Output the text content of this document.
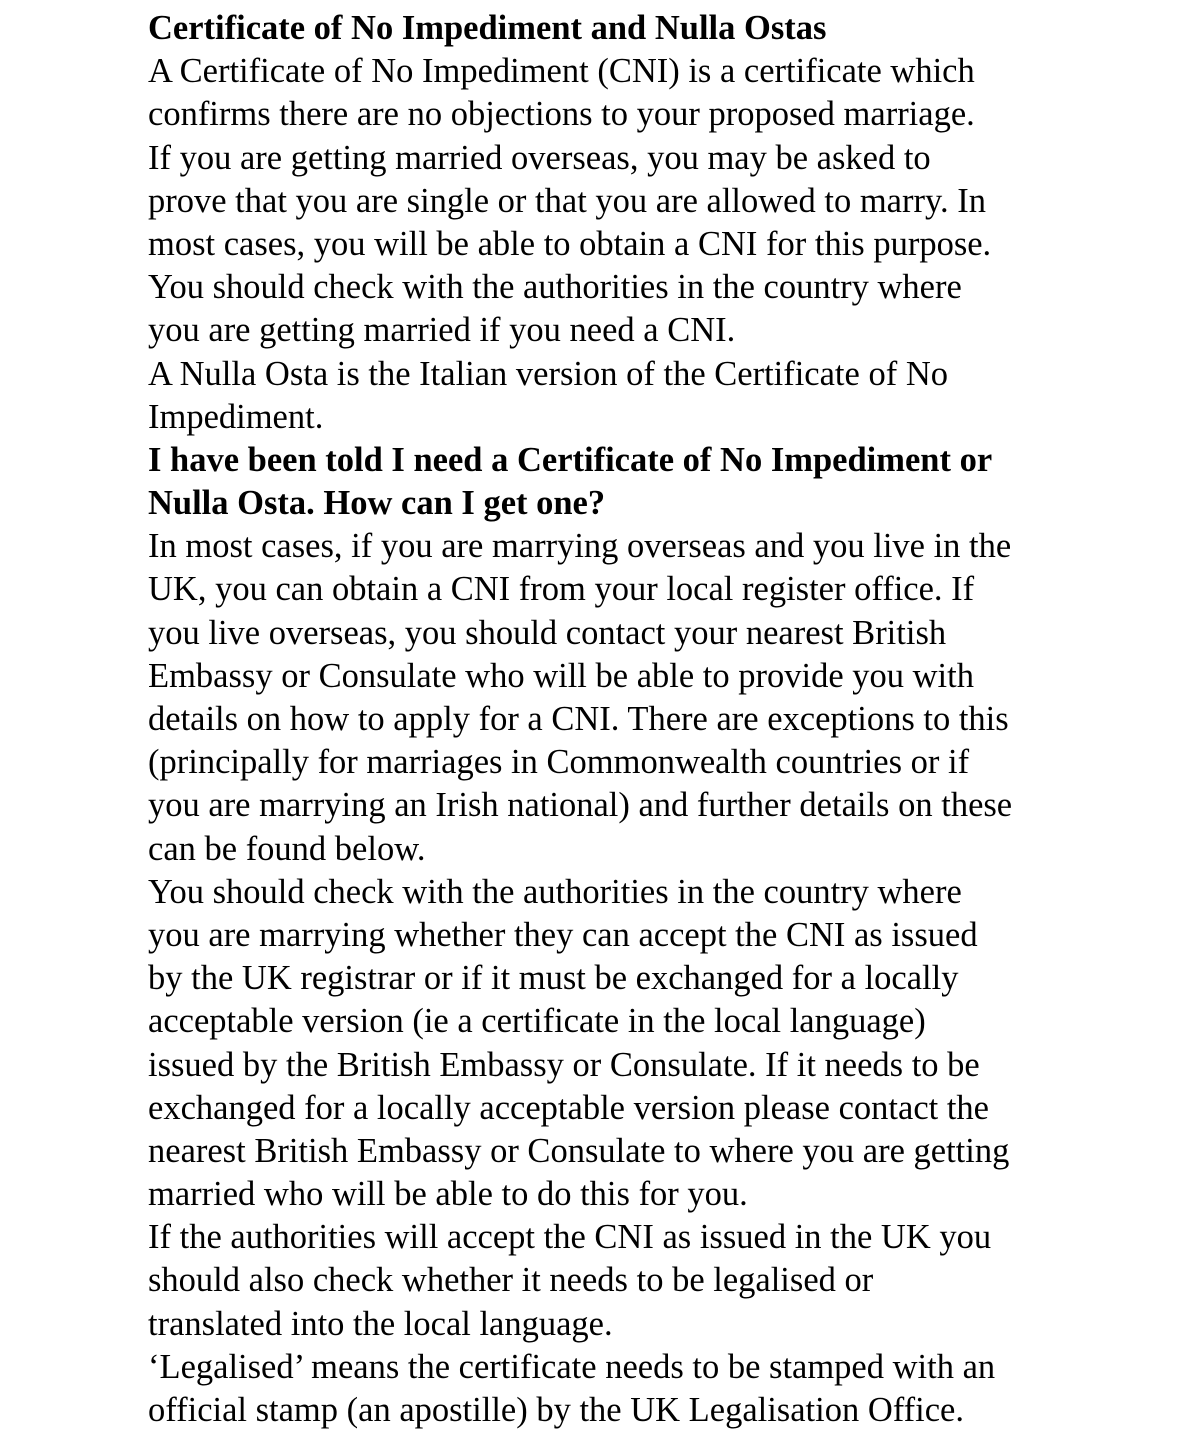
Certificate of No Impediment and Nulla Ostas
A Certificate of No Impediment (CNI) is a certificate which
confirms there are no objections to your proposed marriage.
If you are getting married overseas, you may be asked to
prove that you are single or that you are allowed to marry. In
most cases, you will be able to obtain a CNI for this purpose.
You should check with the authorities in the country where
you are getting married if you need a CNI.
A Nulla Osta is the Italian version of the Certificate of No
Impediment.
I have been told I need a Certificate of No Impediment or
Nulla Osta. How can I get one?
In most cases, if you are marrying overseas and you live in the
UK, you can obtain a CNI from your local register office. If
you live overseas, you should contact your nearest British
Embassy or Consulate who will be able to provide you with
details on how to apply for a CNI. There are exceptions to this
(principally for marriages in Commonwealth countries or if
you are marrying an Irish national) and further details on these
can be found below.
You should check with the authorities in the country where
you are marrying whether they can accept the CNI as issued
by the UK registrar or if it must be exchanged for a locally
acceptable version (ie a certificate in the local language)
issued by the British Embassy or Consulate. If it needs to be
exchanged for a locally acceptable version please contact the
nearest British Embassy or Consulate to where you are getting
married who will be able to do this for you.
If the authorities will accept the CNI as issued in the UK you
should also check whether it needs to be legalised or
translated into the local language.
‘Legalised’ means the certificate needs to be stamped with an
official stamp (an apostille) by the UK Legalisation Office.
